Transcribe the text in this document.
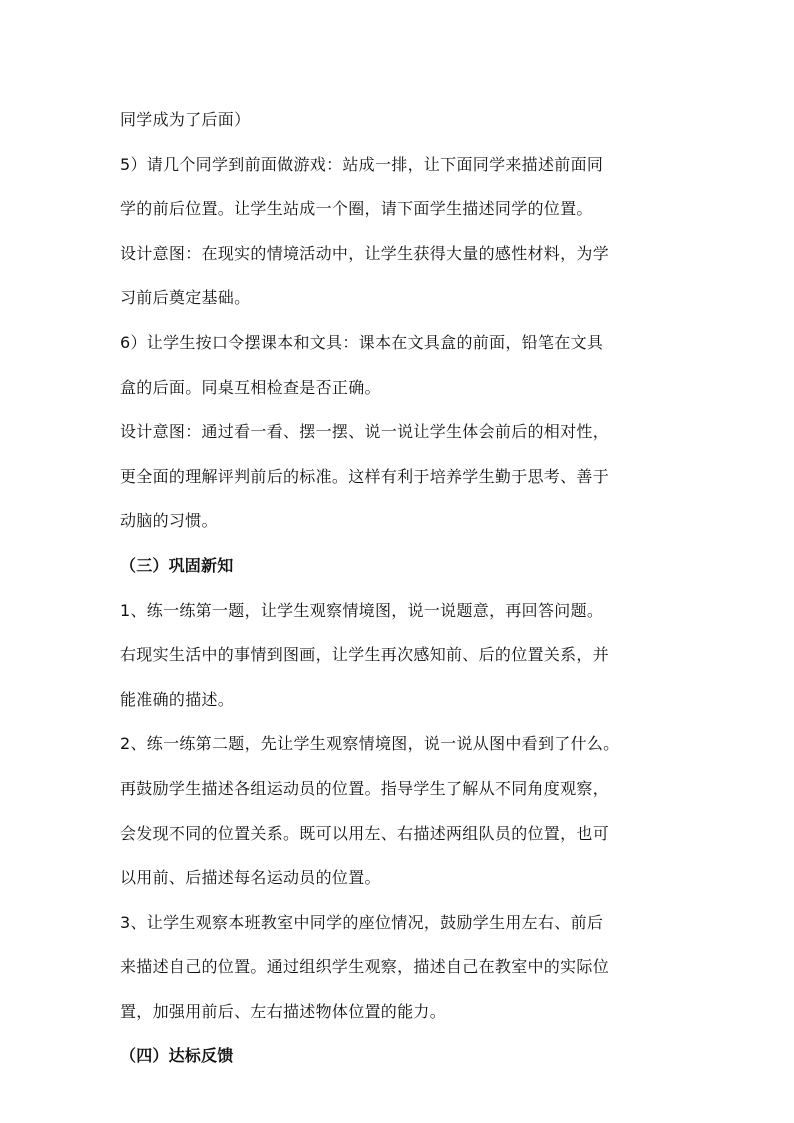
同学成为了后面）
5）请几个同学到前面做游戏：站成一排，让下面同学来描述前面同
学的前后位置。让学生站成一个圈，请下面学生描述同学的位置。
设计意图：在现实的情境活动中，让学生获得大量的感性材料，为学
习前后奠定基础。
6）让学生按口令摆课本和文具：课本在文具盒的前面，铅笔在文具
盒的后面。同桌互相检查是否正确。
设计意图：通过看一看、摆一摆、说一说让学生体会前后的相对性，
更全面的理解评判前后的标准。这样有利于培养学生勤于思考、善于
动脑的习惯。
（三）巩固新知
1、练一练第一题，让学生观察情境图，说一说题意，再回答问题。
右现实生活中的事情到图画，让学生再次感知前、后的位置关系，并
能准确的描述。
2、练一练第二题，先让学生观察情境图，说一说从图中看到了什么。
再鼓励学生描述各组运动员的位置。指导学生了解从不同角度观察，
会发现不同的位置关系。既可以用左、右描述两组队员的位置，也可
以用前、后描述每名运动员的位置。
3、让学生观察本班教室中同学的座位情况，鼓励学生用左右、前后
来描述自己的位置。通过组织学生观察，描述自己在教室中的实际位
置，加强用前后、左右描述物体位置的能力。
（四）达标反馈
